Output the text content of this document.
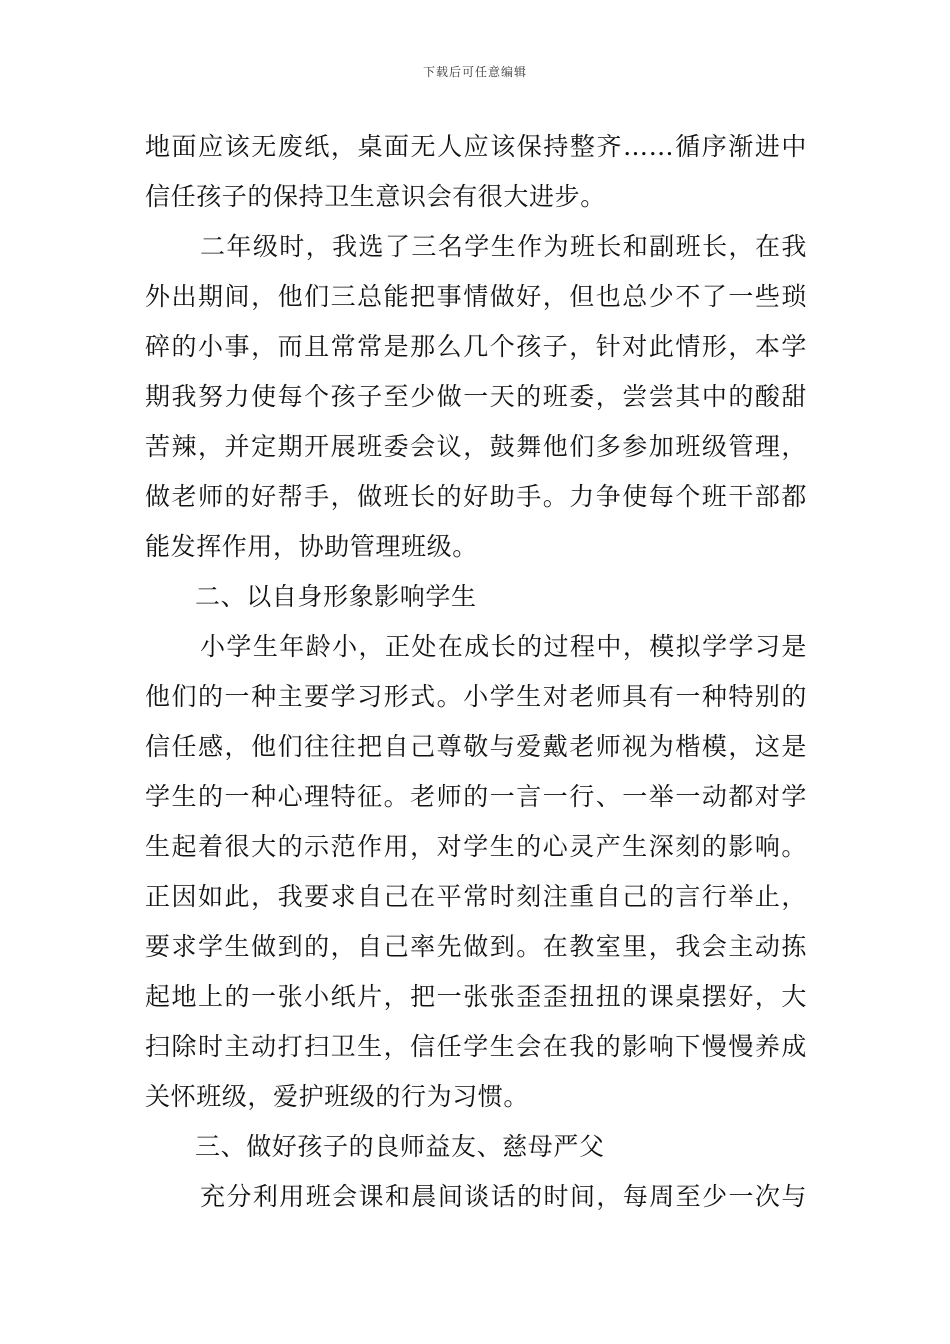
下载后可任意编辑
地面应该无废纸，桌面无人应该保持整齐……循序渐进中
信任孩子的保持卫生意识会有很大进步。
二年级时，我选了三名学生作为班长和副班长，在我
外出期间，他们三总能把事情做好，但也总少不了一些琐
碎的小事，而且常常是那么几个孩子，针对此情形，本学
期我努力使每个孩子至少做一天的班委，尝尝其中的酸甜
苦辣，并定期开展班委会议，鼓舞他们多参加班级管理，
做老师的好帮手，做班长的好助手。力争使每个班干部都
能发挥作用，协助管理班级。
二、以自身形象影响学生
小学生年龄小，正处在成长的过程中，模拟学学习是
他们的一种主要学习形式。小学生对老师具有一种特别的
信任感，他们往往把自己尊敬与爱戴老师视为楷模，这是
学生的一种心理特征。老师的一言一行、一举一动都对学
生起着很大的示范作用，对学生的心灵产生深刻的影响。
正因如此，我要求自己在平常时刻注重自己的言行举止，
要求学生做到的，自己率先做到。在教室里，我会主动拣
起地上的一张小纸片，把一张张歪歪扭扭的课桌摆好，大
扫除时主动打扫卫生，信任学生会在我的影响下慢慢养成
关怀班级，爱护班级的行为习惯。
三、做好孩子的良师益友、慈母严父
充分利用班会课和晨间谈话的时间，每周至少一次与
